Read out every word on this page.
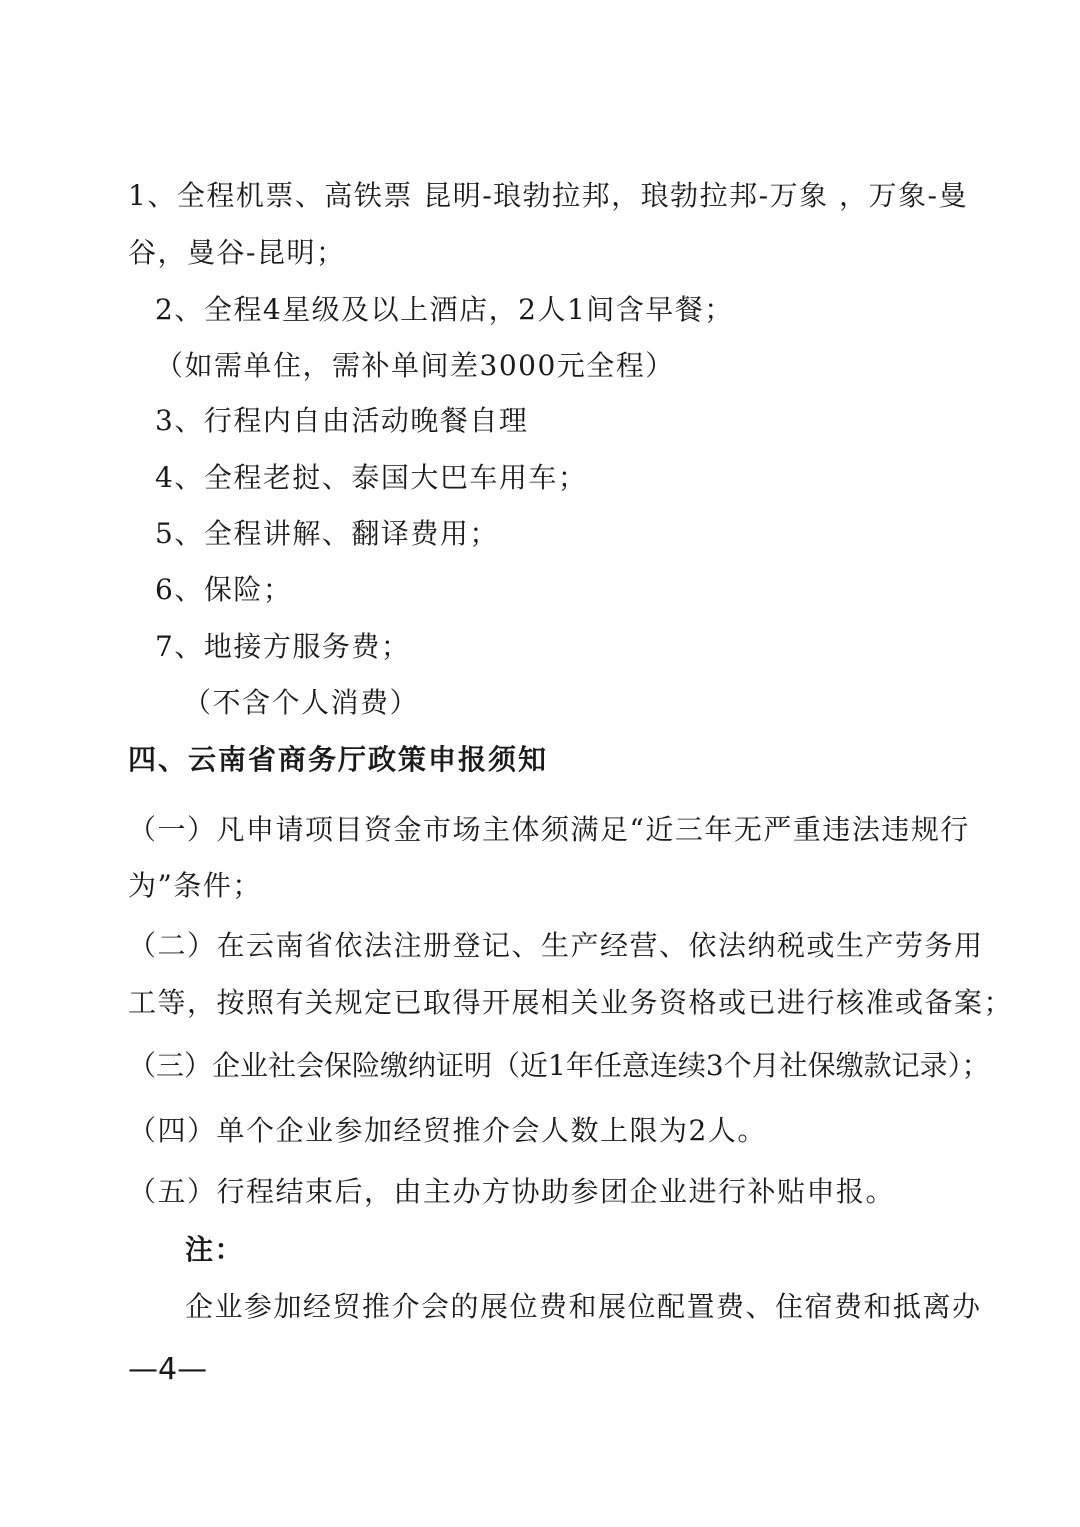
1、全程机票、高铁票 昆明-琅勃拉邦，琅勃拉邦-万象 ，万象-曼
谷，曼谷-昆明；
2、全程4星级及以上酒店，2人1间含早餐；
（如需单住，需补单间差3000元全程）
3、行程内自由活动晚餐自理
4、全程老挝、泰国大巴车用车；
5、全程讲解、翻译费用；
6、保险；
7、地接方服务费；
（不含个人消费）
四、云南省商务厅政策申报须知
（一）凡申请项目资金市场主体须满足“近三年无严重违法违规行
为”条件；
（二）在云南省依法注册登记、生产经营、依法纳税或生产劳务用
工等，按照有关规定已取得开展相关业务资格或已进行核准或备案；
（三）企业社会保险缴纳证明（近1年任意连续3个月社保缴款记录）；
（四）单个企业参加经贸推介会人数上限为2人。
（五）行程结束后，由主办方协助参团企业进行补贴申报。
注：
企业参加经贸推介会的展位费和展位配置费、住宿费和抵离办
—4—
